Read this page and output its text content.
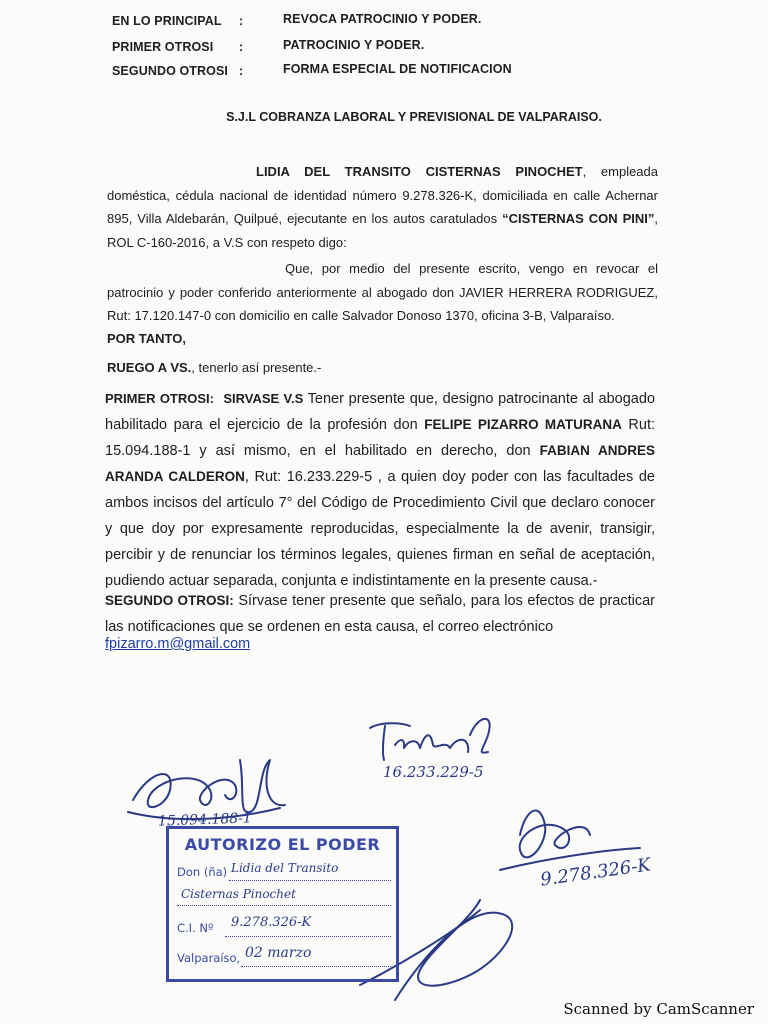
EN LO PRINCIPAL :	REVOCA PATROCINIO Y PODER.
PRIMER OTROSI :	PATROCINIO Y PODER.
SEGUNDO OTROSI :	FORMA ESPECIAL DE NOTIFICACION
S.J.L COBRANZA LABORAL Y PREVISIONAL DE VALPARAISO.
LIDIA DEL TRANSITO CISTERNAS PINOCHET, empleada doméstica, cédula nacional de identidad número 9.278.326-K, domiciliada en calle Achernar 895, Villa Aldebarán, Quilpué, ejecutante en los autos caratulados “CISTERNAS CON PINI”, ROL C-160-2016, a V.S con respeto digo:
Que, por medio del presente escrito, vengo en revocar el patrocinio y poder conferido anteriormente al abogado don JAVIER HERRERA RODRIGUEZ, Rut: 17.120.147-0 con domicilio en calle Salvador Donoso 1370, oficina 3-B, Valparaíso.
POR TANTO,
RUEGO A VS., tenerlo así presente.-
PRIMER OTROSI: SIRVASE V.S Tener presente que, designo patrocinante al abogado habilitado para el ejercicio de la profesión don FELIPE PIZARRO MATURANA Rut: 15.094.188-1 y así mismo, en el habilitado en derecho, don FABIAN ANDRES ARANDA CALDERON, Rut: 16.233.229-5 , a quien doy poder con las facultades de ambos incisos del artículo 7° del Código de Procedimiento Civil que declaro conocer y que doy por expresamente reproducidas, especialmente la de avenir, transigir, percibir y de renunciar los términos legales, quienes firman en señal de aceptación, pudiendo actuar separada, conjunta e indistintamente en la presente causa.-
SEGUNDO OTROSI: Sírvase tener presente que señalo, para los efectos de practicar las notificaciones que se ordenen en esta causa, el correo electrónico
fpizarro.m@gmail.com
16.233.229-5
15.094.188-1
9.278.326-K
AUTORIZO EL PODER
Don (ña) Lidia del Transito
Cisternas Pinochet
C.I. Nº 9.278.326-K
Valparaíso, 02 marzo
Scanned by CamScanner
